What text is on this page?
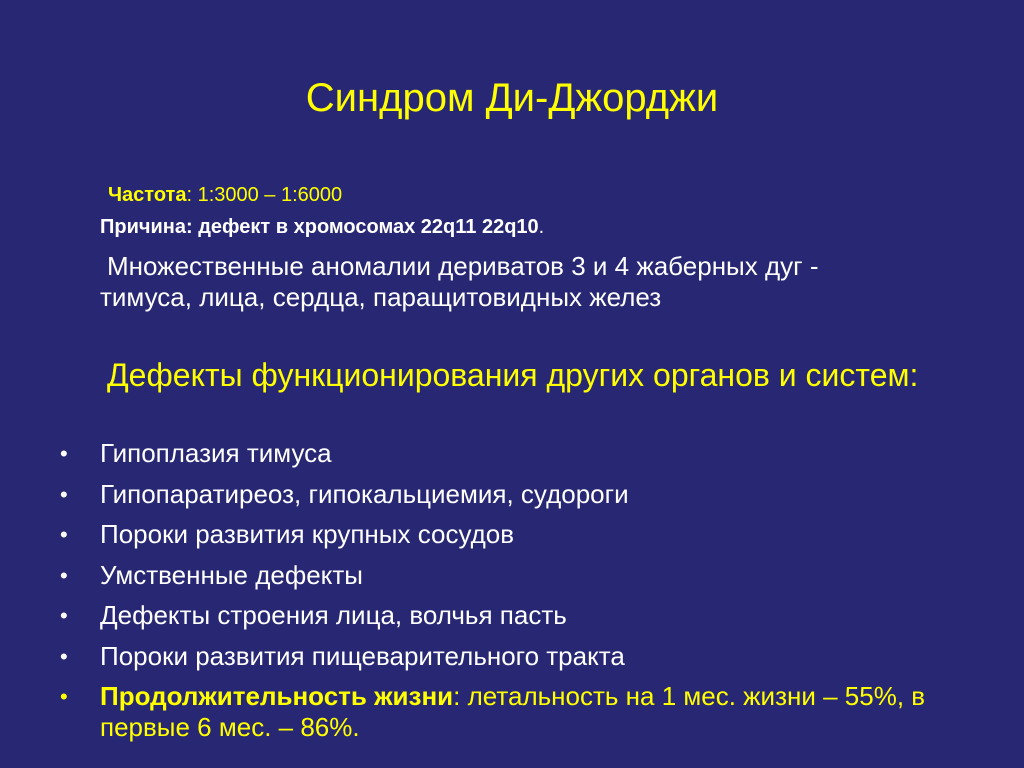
Синдром Ди-Джорджи
Частота: 1:3000 – 1:6000
Причина: дефект в хромосомах 22q11 22q10.
Множественные аномалии дериватов 3 и 4 жаберных дуг - тимуса, лица, сердца, паращитовидных желез
Дефекты функционирования других органов и систем:
• Гипоплазия тимуса
• Гипопаратиреоз, гипокальциемия, судороги
• Пороки развития крупных сосудов
• Умственные дефекты
• Дефекты строения лица, волчья пасть
• Пороки развития пищеварительного тракта
• Продолжительность жизни: летальность на 1 мес. жизни – 55%, в первые 6 мес. – 86%.
